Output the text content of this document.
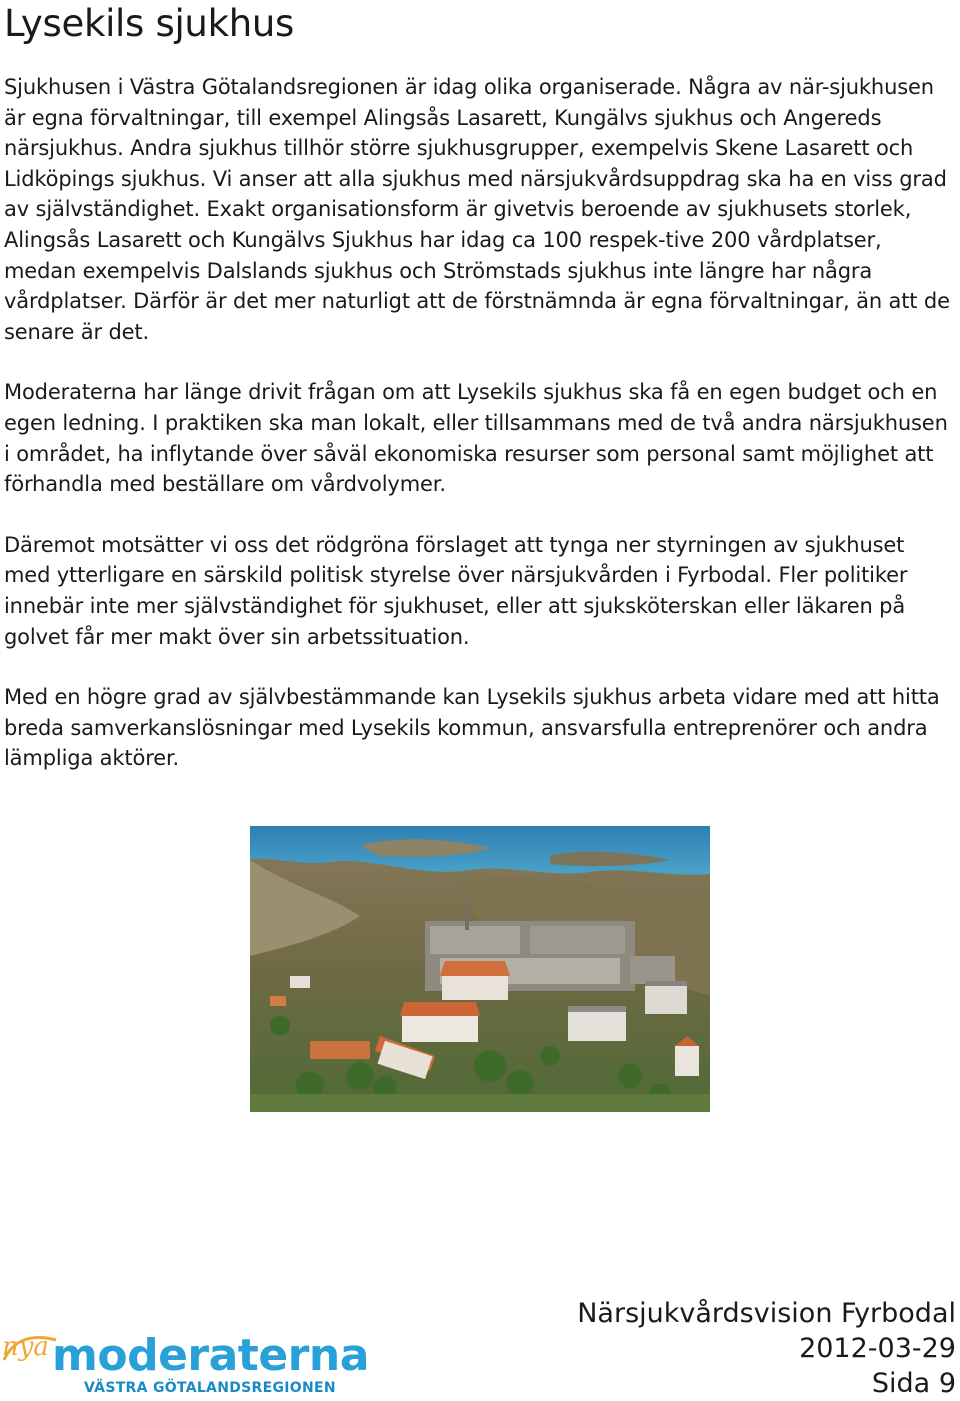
Lysekils sjukhus

Sjukhusen i Västra Götalandsregionen är idag olika organiserade. Några av när-sjukhusen är egna förvaltningar, till exempel Alingsås Lasarett, Kungälvs sjukhus och Angereds närsjukhus. Andra sjukhus tillhör större sjukhusgrupper, exempelvis Skene Lasarett och Lidköpings sjukhus. Vi anser att alla sjukhus med närsjukvårdsuppdrag ska ha en viss grad av självständighet. Exakt organisationsform är givetvis beroende av sjukhusets storlek, Alingsås Lasarett och Kungälvs Sjukhus har idag ca 100 respek-tive 200 vårdplatser, medan exempelvis Dalslands sjukhus och Strömstads sjukhus inte längre har några vårdplatser. Därför är det mer naturligt att de förstnämnda är egna förvaltningar, än att de senare är det.

Moderaterna har länge drivit frågan om att Lysekils sjukhus ska få en egen budget och en egen ledning. I praktiken ska man lokalt, eller tillsammans med de två andra närsjukhusen i området, ha inflytande över såväl ekonomiska resurser som personal samt möjlighet att förhandla med beställare om vårdvolymer.

Däremot motsätter vi oss det rödgröna förslaget att tynga ner styrningen av sjukhuset med ytterligare en särskild politisk styrelse över närsjukvården i Fyrbodal. Fler politiker innebär inte mer självständighet för sjukhuset, eller att sjuksköterskan eller läkaren på golvet får mer makt över sin arbetssituation.

Med en högre grad av självbestämmande kan Lysekils sjukhus arbeta vidare med att hitta breda samverkanslösningar med Lysekils kommun, ansvarsfulla entreprenörer och andra lämpliga aktörer.

Närsjukvårdsvision Fyrbodal
2012-03-29
Sida 9
nya moderaterna
VÄSTRA GÖTALANDSREGIONEN
